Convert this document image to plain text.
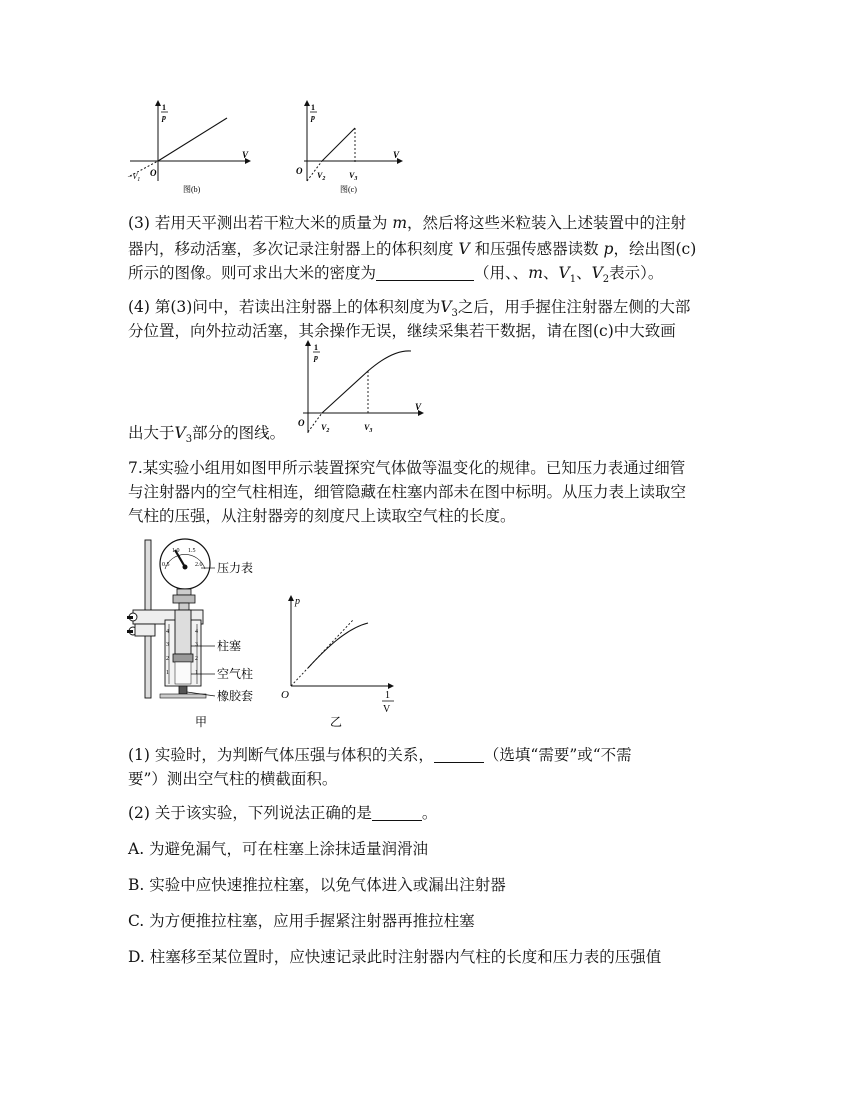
1
p
V
$-V_1$
O
图(b)
1
p
V
O $V_2$	$V_3$
图(c)
(3) 若用天平测出若干粒大米的质量为 m，然后将这些米粒装入上述装置中的注射
器内，移动活塞，多次记录注射器上的体积刻度 V 和压强传感器读数 p，绘出图(c)
所示的图像。则可求出大米的密度为	（用、、m、$V_1$、$V_2$表示）。
(4) 第(3)问中，若读出注射器上的体积刻度为$V_3$之后，用手握住注射器左侧的大部
分位置，向外拉动活塞，其余操作无误，继续采集若干数据，请在图(c)中大致画
1
p
V
O $V_2$	$V_3$
出大于$V_3$部分的图线。
7.某实验小组用如图甲所示装置探究气体做等温变化的规律。已知压力表通过细管
与注射器内的空气柱相连，细管隐藏在柱塞内部未在图中标明。从压力表上读取空
气柱的压强，从注射器旁的刻度尺上读取空气柱的长度。
1.0 1.5
0.5	2.0
4
3
2
1
4
3
2
1
压力表
柱塞
空气柱
橡胶套
甲
p
O	1
V
乙
(1) 实验时，为判断气体压强与体积的关系，	（选填“需要”或“不需
要”）测出空气柱的横截面积。
(2) 关于该实验，下列说法正确的是	。
A. 为避免漏气，可在柱塞上涂抹适量润滑油
B. 实验中应快速推拉柱塞，以免气体进入或漏出注射器
C. 为方便推拉柱塞，应用手握紧注射器再推拉柱塞
D. 柱塞移至某位置时，应快速记录此时注射器内气柱的长度和压力表的压强值
